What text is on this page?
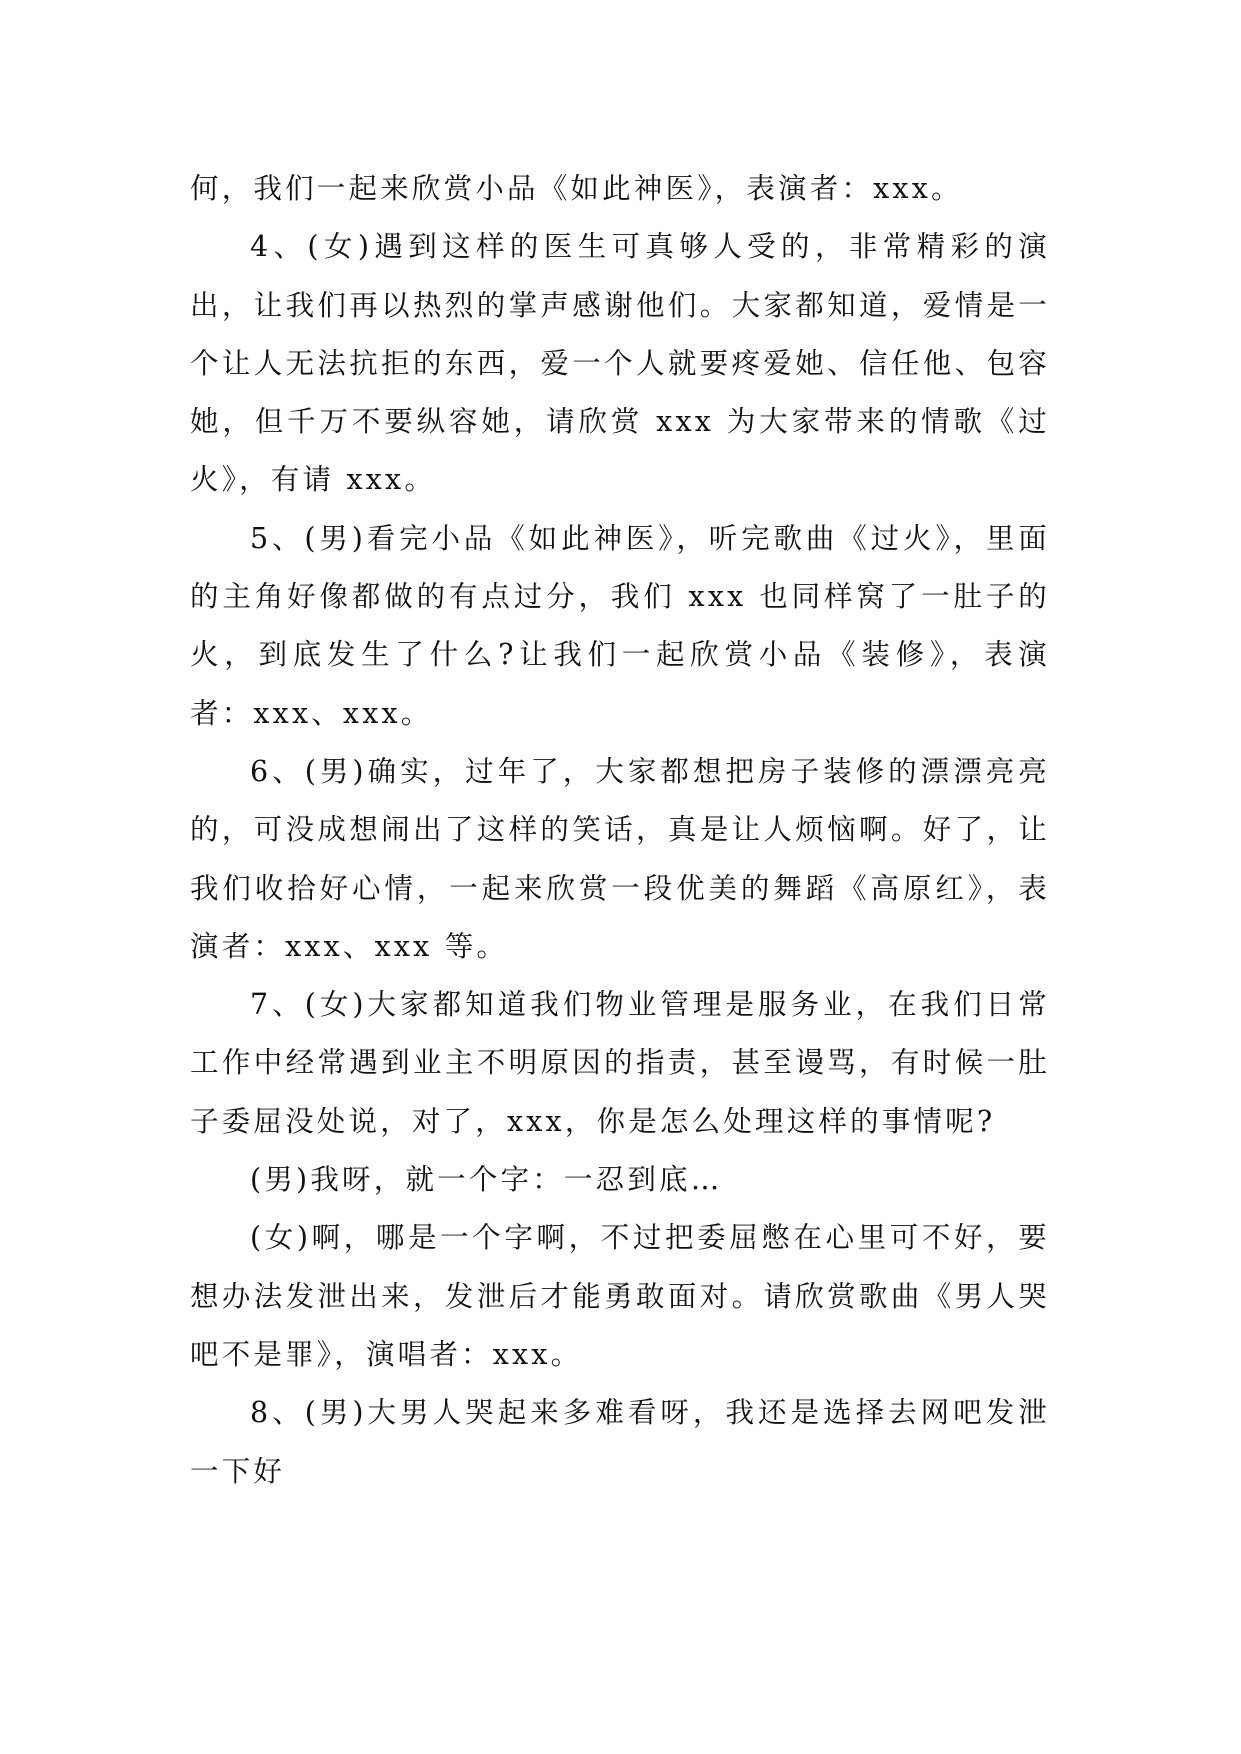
何，我们一起来欣赏小品《如此神医》，表演者：xxx。

4、(女)遇到这样的医生可真够人受的，非常精彩的演出，让我们再以热烈的掌声感谢他们。大家都知道，爱情是一个让人无法抗拒的东西，爱一个人就要疼爱她、信任他、包容她，但千万不要纵容她，请欣赏 xxx 为大家带来的情歌《过火》，有请 xxx。

5、(男)看完小品《如此神医》，听完歌曲《过火》，里面的主角好像都做的有点过分，我们 xxx 也同样窝了一肚子的火，到底发生了什么?让我们一起欣赏小品《装修》，表演者：xxx、xxx。

6、(男)确实，过年了，大家都想把房子装修的漂漂亮亮的，可没成想闹出了这样的笑话，真是让人烦恼啊。好了，让我们收拾好心情，一起来欣赏一段优美的舞蹈《高原红》，表演者：xxx、xxx 等。

7、(女)大家都知道我们物业管理是服务业，在我们日常工作中经常遇到业主不明原因的指责，甚至谩骂，有时候一肚子委屈没处说，对了，xxx，你是怎么处理这样的事情呢?

(男)我呀，就一个字：一忍到底…

(女)啊，哪是一个字啊，不过把委屈憋在心里可不好，要想办法发泄出来，发泄后才能勇敢面对。请欣赏歌曲《男人哭吧不是罪》，演唱者：xxx。

8、(男)大男人哭起来多难看呀，我还是选择去网吧发泄一下好
